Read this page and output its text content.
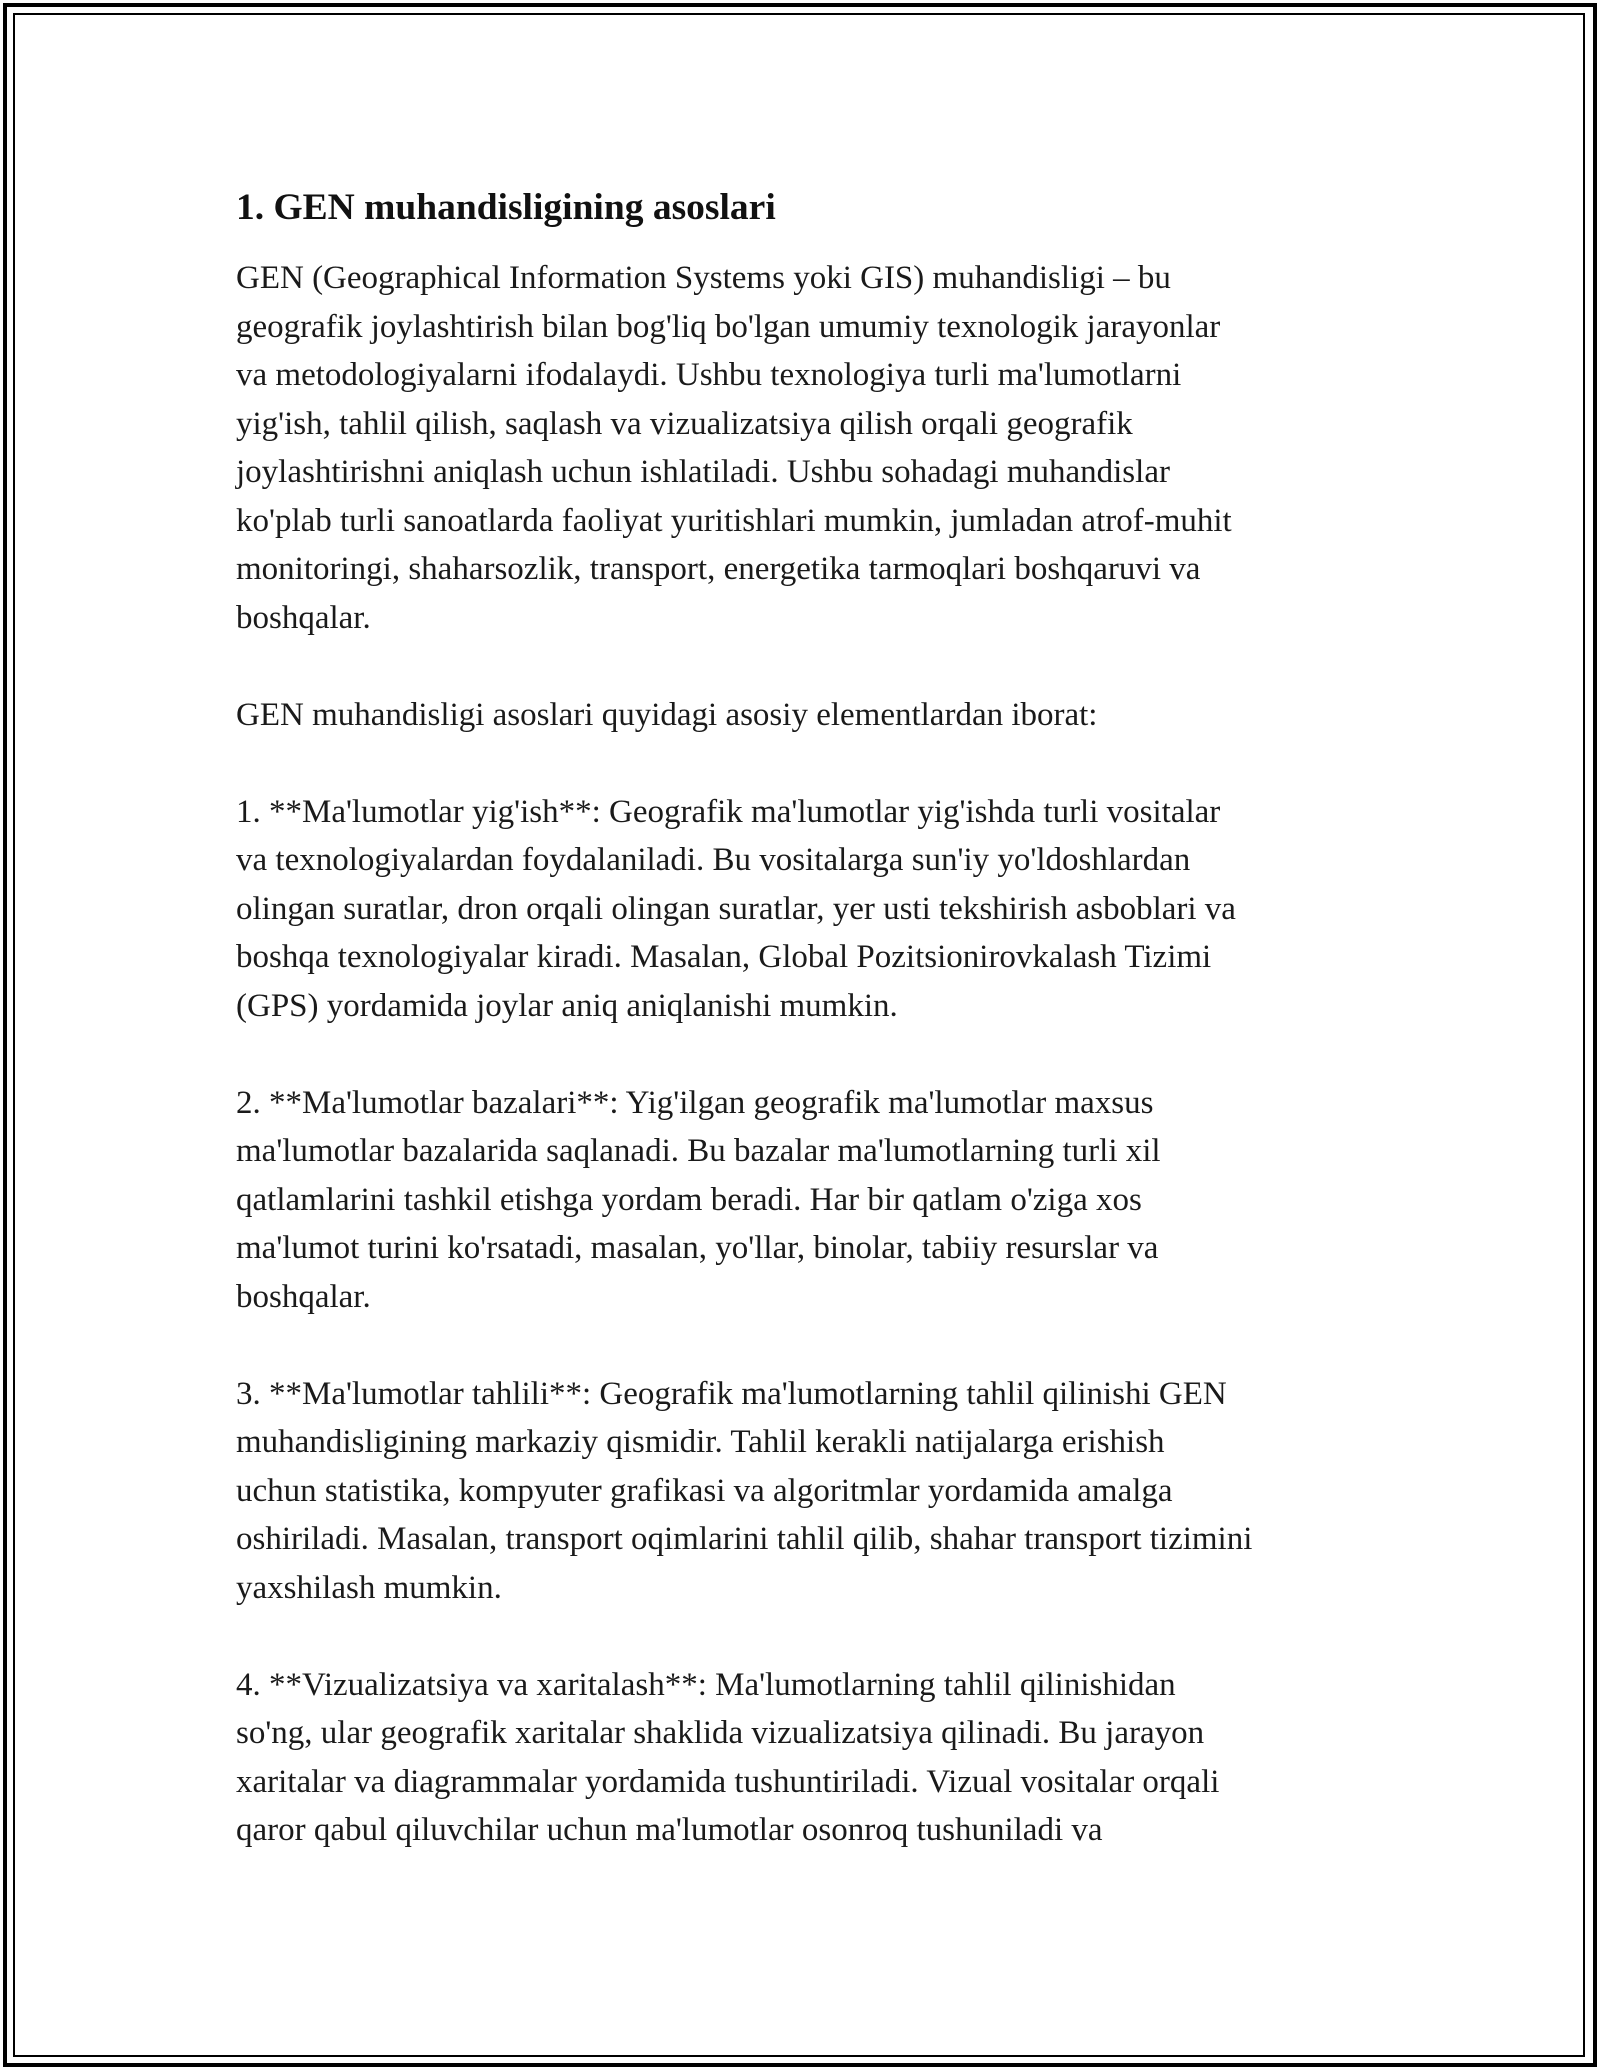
1. GEN muhandisligining asoslari

GEN (Geographical Information Systems yoki GIS) muhandisligi – bu
geografik joylashtirish bilan bog'liq bo'lgan umumiy texnologik jarayonlar
va metodologiyalarni ifodalaydi. Ushbu texnologiya turli ma'lumotlarni
yig'ish, tahlil qilish, saqlash va vizualizatsiya qilish orqali geografik
joylashtirishni aniqlash uchun ishlatiladi. Ushbu sohadagi muhandislar
ko'plab turli sanoatlarda faoliyat yuritishlari mumkin, jumladan atrof-muhit
monitoringi, shaharsozlik, transport, energetika tarmoqlari boshqaruvi va
boshqalar.

GEN muhandisligi asoslari quyidagi asosiy elementlardan iborat:

1. **Ma'lumotlar yig'ish**: Geografik ma'lumotlar yig'ishda turli vositalar
va texnologiyalardan foydalaniladi. Bu vositalarga sun'iy yo'ldoshlardan
olingan suratlar, dron orqali olingan suratlar, yer usti tekshirish asboblari va
boshqa texnologiyalar kiradi. Masalan, Global Pozitsionirovkalash Tizimi
(GPS) yordamida joylar aniq aniqlanishi mumkin.

2. **Ma'lumotlar bazalari**: Yig'ilgan geografik ma'lumotlar maxsus
ma'lumotlar bazalarida saqlanadi. Bu bazalar ma'lumotlarning turli xil
qatlamlarini tashkil etishga yordam beradi. Har bir qatlam o'ziga xos
ma'lumot turini ko'rsatadi, masalan, yo'llar, binolar, tabiiy resurslar va
boshqalar.

3. **Ma'lumotlar tahlili**: Geografik ma'lumotlarning tahlil qilinishi GEN
muhandisligining markaziy qismidir. Tahlil kerakli natijalarga erishish
uchun statistika, kompyuter grafikasi va algoritmlar yordamida amalga
oshiriladi. Masalan, transport oqimlarini tahlil qilib, shahar transport tizimini
yaxshilash mumkin.

4. **Vizualizatsiya va xaritalash**: Ma'lumotlarning tahlil qilinishidan
so'ng, ular geografik xaritalar shaklida vizualizatsiya qilinadi. Bu jarayon
xaritalar va diagrammalar yordamida tushuntiriladi. Vizual vositalar orqali
qaror qabul qiluvchilar uchun ma'lumotlar osonroq tushuniladi va
